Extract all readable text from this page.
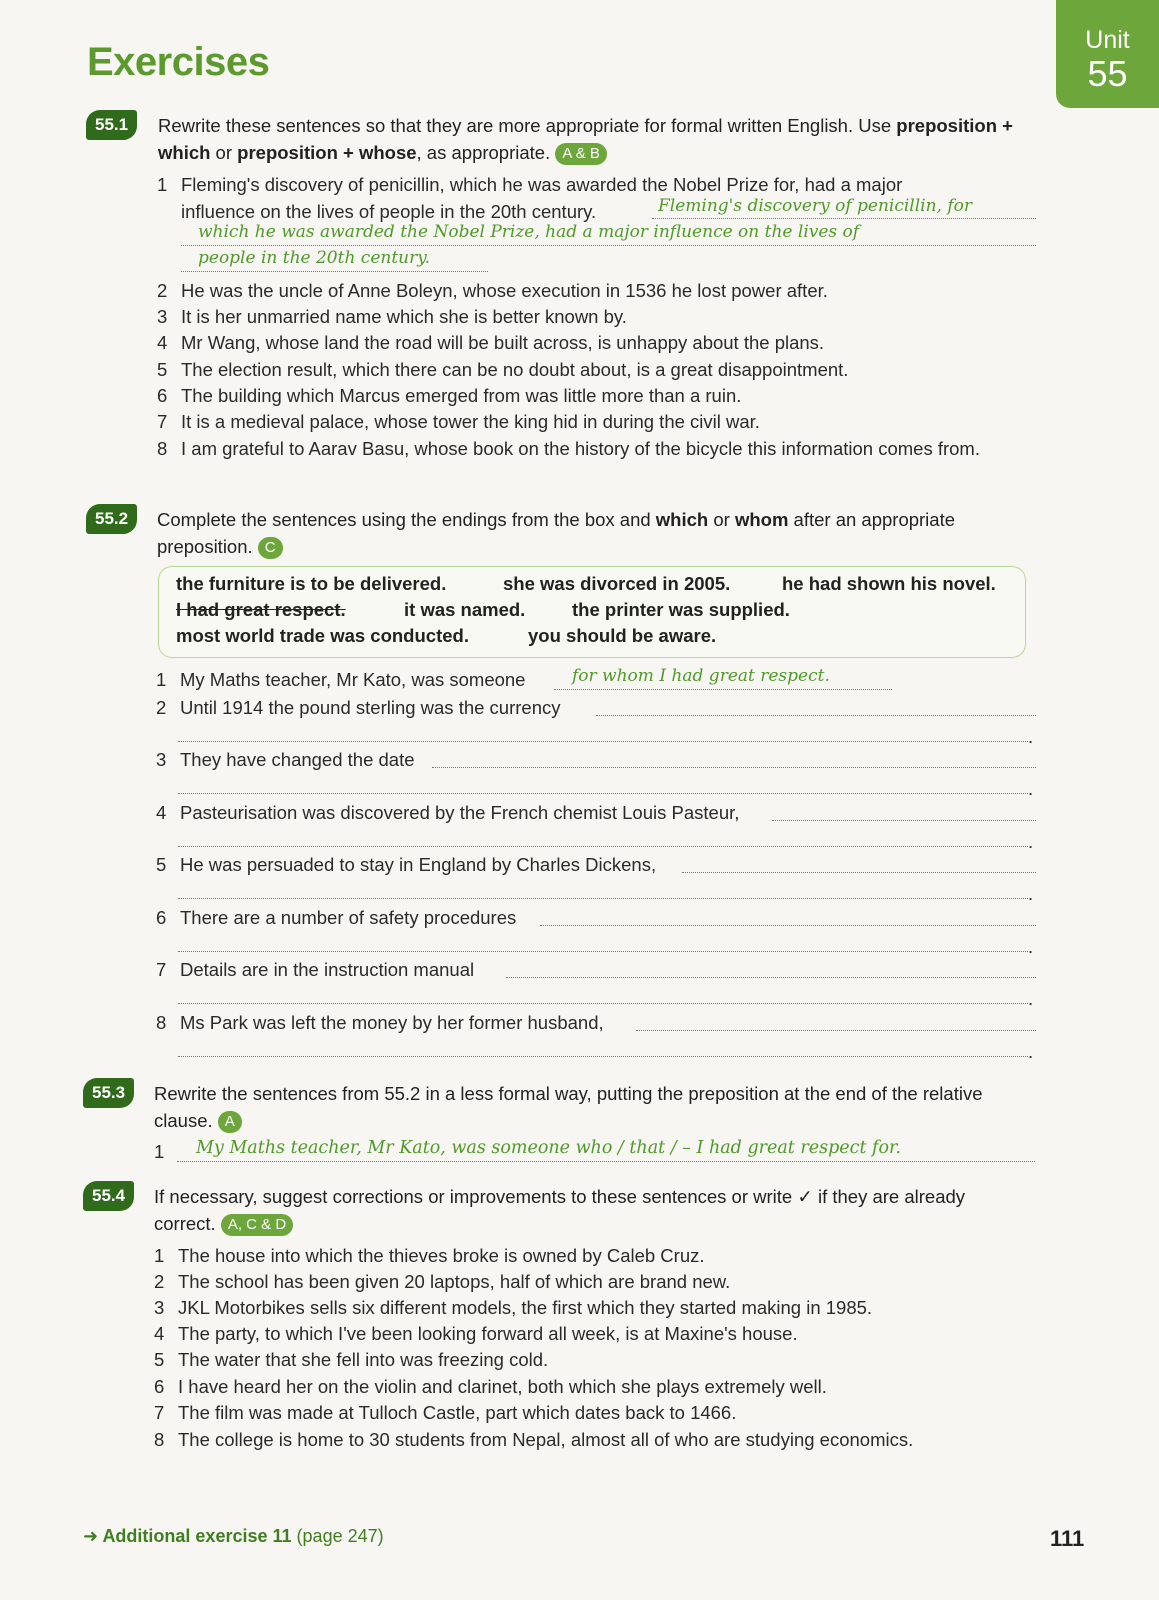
Exercises	Unit
55
55.1	Rewrite these sentences so that they are more appropriate for formal written English. Use preposition + which or preposition + whose, as appropriate. A & B
1 Fleming's discovery of penicillin, which he was awarded the Nobel Prize for, had a major influence on the lives of people in the 20th century.	Fleming's discovery of penicillin, for
which he was awarded the Nobel Prize, had a major influence on the lives of
people in the 20th century.
2 He was the uncle of Anne Boleyn, whose execution in 1536 he lost power after.
3 It is her unmarried name which she is better known by.
4 Mr Wang, whose land the road will be built across, is unhappy about the plans.
5 The election result, which there can be no doubt about, is a great disappointment.
6 The building which Marcus emerged from was little more than a ruin.
7 It is a medieval palace, whose tower the king hid in during the civil war.
8 I am grateful to Aarav Basu, whose book on the history of the bicycle this information comes from.
55.2	Complete the sentences using the endings from the box and which or whom after an appropriate preposition. C
the furniture is to be delivered.	she was divorced in 2005.	he had shown his novel.
I had great respect.	it was named.	the printer was supplied.
most world trade was conducted.	you should be aware.
1 My Maths teacher, Mr Kato, was someone	for whom I had great respect.
2 Until 1914 the pound sterling was the currency
.
3 They have changed the date
.
4 Pasteurisation was discovered by the French chemist Louis Pasteur,
.
5 He was persuaded to stay in England by Charles Dickens,
.
6 There are a number of safety procedures
.
7 Details are in the instruction manual
.
8 Ms Park was left the money by her former husband,
.
55.3	Rewrite the sentences from 55.2 in a less formal way, putting the preposition at the end of the relative clause. A
1 My Maths teacher, Mr Kato, was someone who / that / – I had great respect for.
55.4	If necessary, suggest corrections or improvements to these sentences or write ✓ if they are already correct. A, C & D
1 The house into which the thieves broke is owned by Caleb Cruz.
2 The school has been given 20 laptops, half of which are brand new.
3 JKL Motorbikes sells six different models, the first which they started making in 1985.
4 The party, to which I've been looking forward all week, is at Maxine's house.
5 The water that she fell into was freezing cold.
6 I have heard her on the violin and clarinet, both which she plays extremely well.
7 The film was made at Tulloch Castle, part which dates back to 1466.
8 The college is home to 30 students from Nepal, almost all of who are studying economics.
➜ Additional exercise 11 (page 247)	111
